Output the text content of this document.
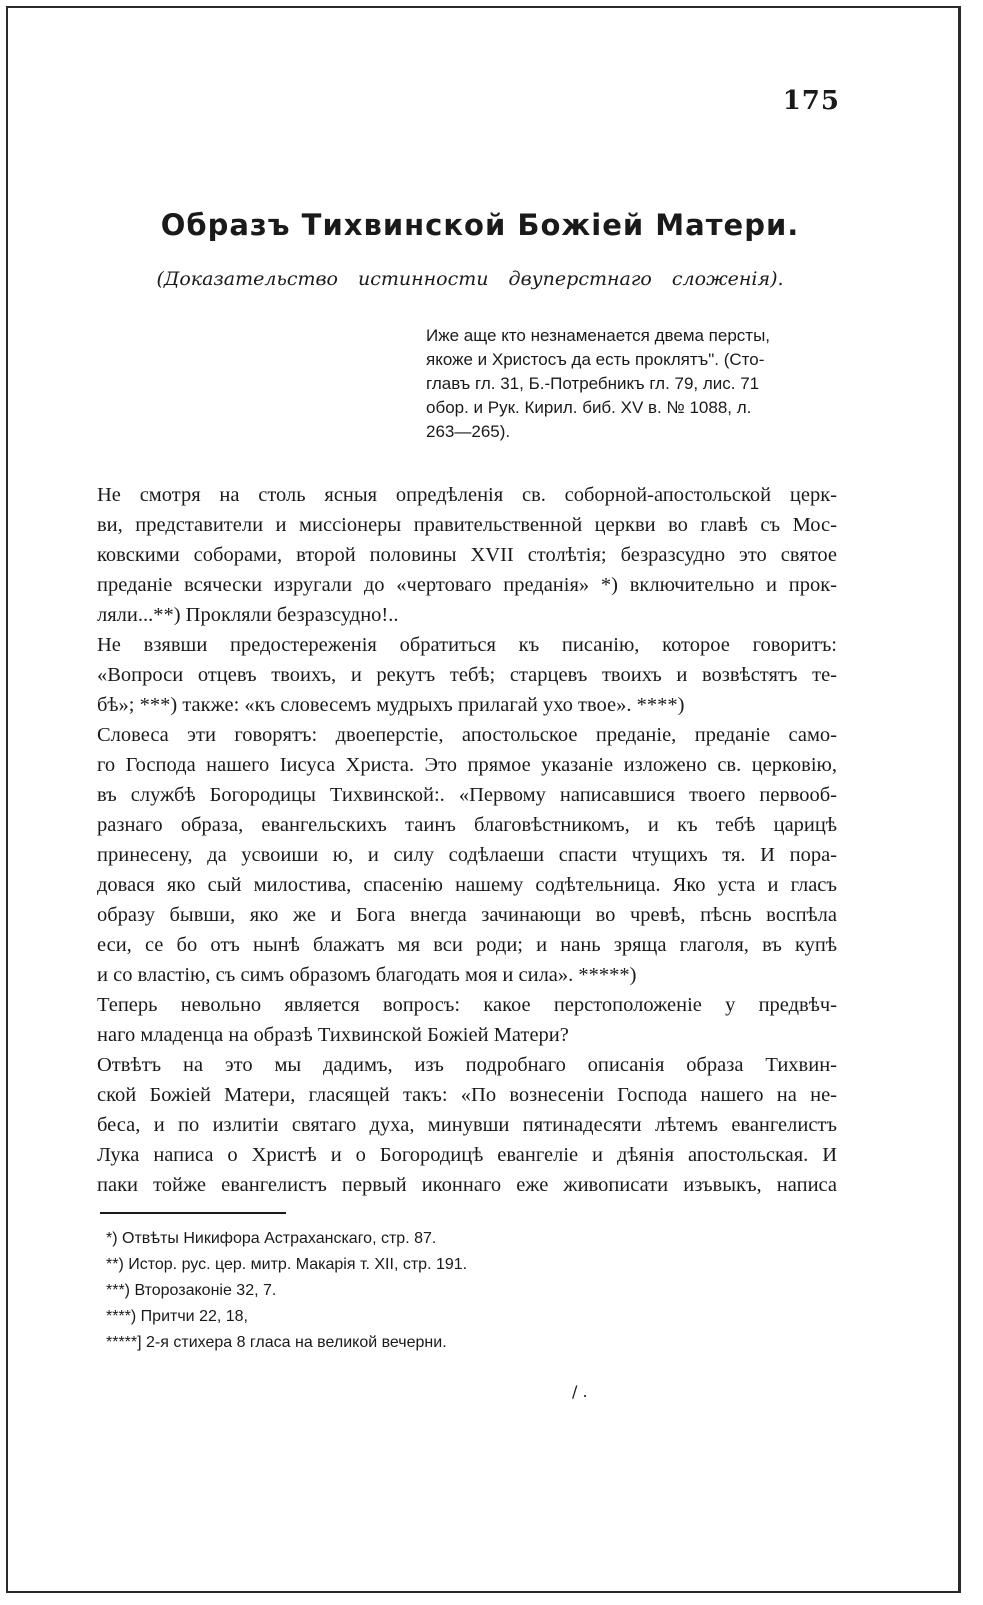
175
Образъ Тихвинской Божіей Матери.
(Доказательство истинности двуперстнаго сложенія).
Иже аще кто незнаменается двема персты,
якоже и Христосъ да есть проклятъ". (Сто-
главъ гл. 31, Б.-Потребникъ гл. 79, лис. 71
обор. и Рук. Кирил. биб. XV в. № 1088, л.
263—265).
Не смотря на столь ясныя опредѣленія св. соборной-апостольской церк-
ви, представители и миссіонеры правительственной церкви во главѣ съ Мос-
ковскими соборами, второй половины XVII столѣтія; безразсудно это святое
преданіе всячески изругали до «чертоваго преданія» *) включительно и прок-
ляли...**) Прокляли безразсудно!..
Не взявши предостереженія обратиться къ писанію, которое говоритъ:
«Вопроси отцевъ твоихъ, и рекутъ тебѣ; старцевъ твоихъ и возвѣстятъ те-
бѣ»; ***) также: «къ словесемъ мудрыхъ прилагай ухо твое». ****)
Словеса эти говорятъ: двоеперстіе, апостольское преданіе, преданіе само-
го Господа нашего Іисуса Христа. Это прямое указаніе изложено св. церковію,
въ службѣ Богородицы Тихвинской:. «Первому написавшися твоего первооб-
разнаго образа, евангельскихъ таинъ благовѣстникомъ, и къ тебѣ царицѣ
принесену, да усвоиши ю, и силу содѣлаеши спасти чтущихъ тя. И пора-
довася яко сый милостива, спасенію нашему содѣтельница. Яко уста и гласъ
образу бывши, яко же и Бога внегда зачинающи во чревѣ, пѣснь воспѣла
еси, се бо отъ нынѣ блажатъ мя вси роди; и нань зряща глаголя, въ купѣ
и со властію, съ симъ образомъ благодать моя и сила». *****)
Теперь невольно является вопросъ: какое перстоположеніе у предвѣч-
наго младенца на образѣ Тихвинской Божіей Матери?
Отвѣтъ на это мы дадимъ, изъ подробнаго описанія образа Тихвин-
ской Божіей Матери, гласящей такъ: «По вознесеніи Господа нашего на не-
беса, и по излитіи святаго духа, минувши пятинадесяти лѣтемъ евангелистъ
Лука написа о Христѣ и о Богородицѣ евангеліе и дѣянія апостольская. И
паки тойже евангелистъ первый иконнаго еже живописати изъвыкъ, написа
*) Отвѣты Никифора Астраханскаго, стр. 87.
**) Истор. рус. цер. митр. Макарія т. XII, стр. 191.
***) Второзаконіе 32, 7.
****) Притчи 22, 18,
*****] 2-я стихера 8 гласа на великой вечерни.
/ .
